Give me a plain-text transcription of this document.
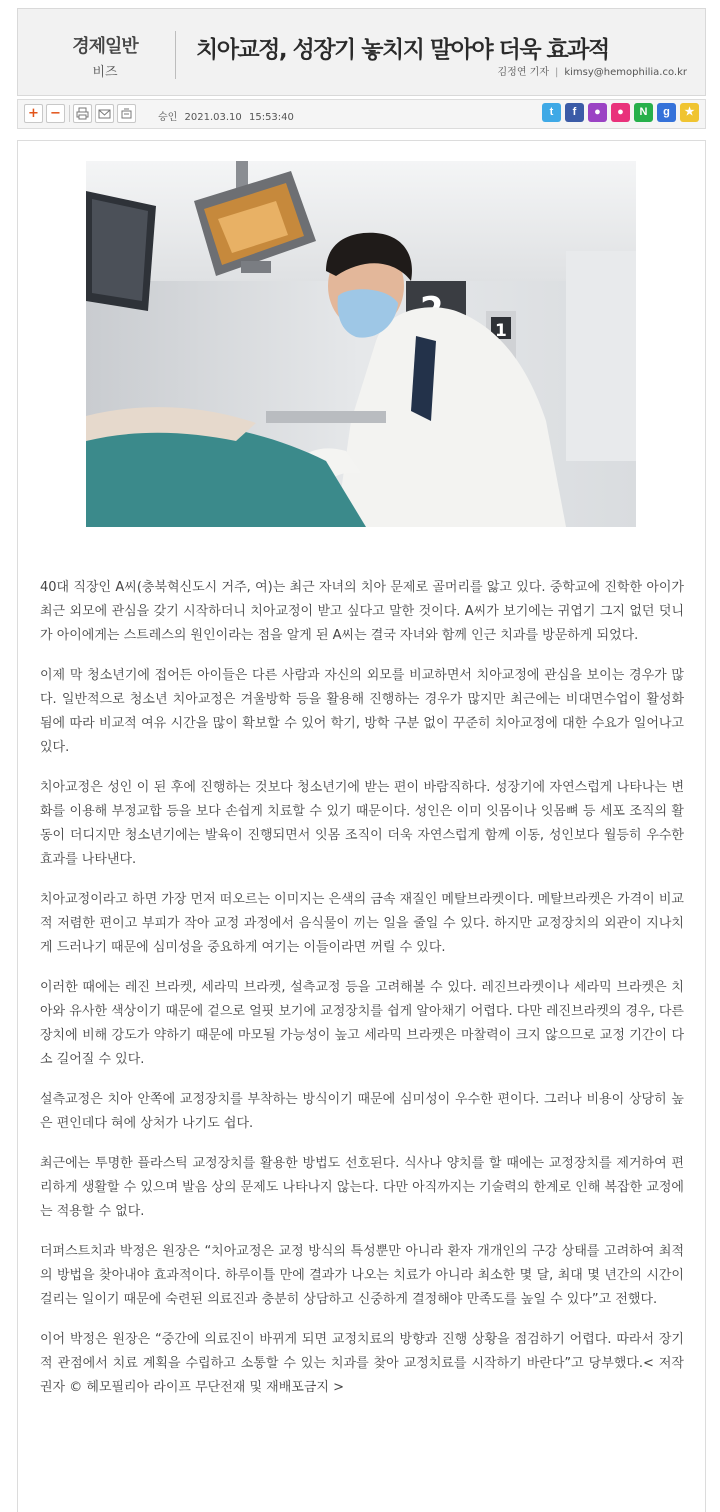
경제일반
비즈
치아교정, 성장기 놓치지 말아야 더욱 효과적
김정연 기자 | kimsy@hemophilia.co.kr
+ −	승인 2021.03.10 15:53:40	t	f	●	●	N	g	★
1

40대 직장인 A씨(충북혁신도시 거주, 여)는 최근 자녀의 치아 문제로 골머리를 앓고 있다. 중학교에 진학한 아이가 최근 외모에 관심을 갖기 시작하더니 치아교정이 받고 싶다고 말한 것이다. A씨가 보기에는 귀엽기 그지 없던 덧니가 아이에게는 스트레스의 원인이라는 점을 알게 된 A씨는 결국 자녀와 함께 인근 치과를 방문하게 되었다.

이제 막 청소년기에 접어든 아이들은 다른 사람과 자신의 외모를 비교하면서 치아교정에 관심을 보이는 경우가 많다. 일반적으로 청소년 치아교정은 겨울방학 등을 활용해 진행하는 경우가 많지만 최근에는 비대면수업이 활성화 됨에 따라 비교적 여유 시간을 많이 확보할 수 있어 학기, 방학 구분 없이 꾸준히 치아교정에 대한 수요가 일어나고 있다.

치아교정은 성인 이 된 후에 진행하는 것보다 청소년기에 받는 편이 바람직하다. 성장기에 자연스럽게 나타나는 변화를 이용해 부정교합 등을 보다 손쉽게 치료할 수 있기 때문이다. 성인은 이미 잇몸이나 잇몸뼈 등 세포 조직의 활동이 더디지만 청소년기에는 발육이 진행되면서 잇몸 조직이 더욱 자연스럽게 함께 이동, 성인보다 월등히 우수한 효과를 나타낸다.

치아교정이라고 하면 가장 먼저 떠오르는 이미지는 은색의 금속 재질인 메탈브라켓이다. 메탈브라켓은 가격이 비교적 저렴한 편이고 부피가 작아 교정 과정에서 음식물이 끼는 일을 줄일 수 있다. 하지만 교정장치의 외관이 지나치게 드러나기 때문에 심미성을 중요하게 여기는 이들이라면 꺼릴 수 있다.

이러한 때에는 레진 브라켓, 세라믹 브라켓, 설측교정 등을 고려해볼 수 있다. 레진브라켓이나 세라믹 브라켓은 치아와 유사한 색상이기 때문에 겉으로 얼핏 보기에 교정장치를 쉽게 알아채기 어렵다. 다만 레진브라켓의 경우, 다른 장치에 비해 강도가 약하기 때문에 마모될 가능성이 높고 세라믹 브라켓은 마찰력이 크지 않으므로 교정 기간이 다소 길어질 수 있다.

설측교정은 치아 안쪽에 교정장치를 부착하는 방식이기 때문에 심미성이 우수한 편이다. 그러나 비용이 상당히 높은 편인데다 혀에 상처가 나기도 쉽다.

최근에는 투명한 플라스틱 교정장치를 활용한 방법도 선호된다. 식사나 양치를 할 때에는 교정장치를 제거하여 편리하게 생활할 수 있으며 발음 상의 문제도 나타나지 않는다. 다만 아직까지는 기술력의 한계로 인해 복잡한 교정에는 적용할 수 없다.

더퍼스트치과 박정은 원장은 “치아교정은 교정 방식의 특성뿐만 아니라 환자 개개인의 구강 상태를 고려하여 최적의 방법을 찾아내야 효과적이다. 하루이틀 만에 결과가 나오는 치료가 아니라 최소한 몇 달, 최대 몇 년간의 시간이 걸리는 일이기 때문에 숙련된 의료진과 충분히 상담하고 신중하게 결정해야 만족도를 높일 수 있다”고 전했다.

이어 박정은 원장은 “중간에 의료진이 바뀌게 되면 교정치료의 방향과 진행 상황을 점검하기 어렵다. 따라서 장기적 관점에서 치료 계획을 수립하고 소통할 수 있는 치과를 찾아 교정치료를 시작하기 바란다”고 당부했다.< 저작권자 © 헤모필리아 라이프 무단전재 및 재배포금지 >
